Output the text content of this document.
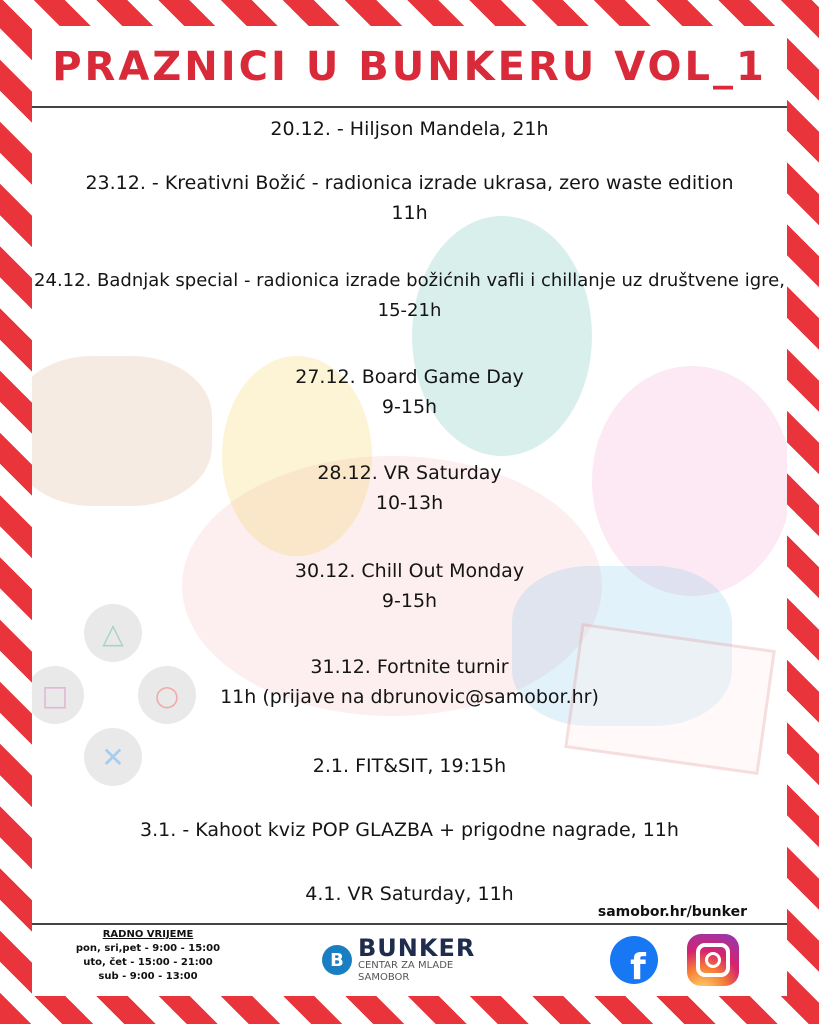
△
□	○
✕
PRAZNICI U BUNKERU VOL_1
20.12. - Hiljson Mandela, 21h
23.12. - Kreativni Božić - radionica izrade ukrasa, zero waste edition
11h
24.12. Badnjak special - radionica izrade božićnih vafli i chillanje uz društvene igre,
15-21h
27.12. Board Game Day
9-15h
28.12. VR Saturday
10-13h
30.12. Chill Out Monday
9-15h
31.12. Fortnite turnir
11h (prijave na dbrunovic@samobor.hr)
2.1. FIT&SIT, 19:15h
3.1. - Kahoot kviz POP GLAZBA + prigodne nagrade, 11h
4.1. VR Saturday, 11h
samobor.hr/bunker
RADNO VRIJEME
pon, sri,pet - 9:00 - 15:00
uto, čet - 15:00 - 21:00
sub - 9:00 - 13:00
B BUNKER
CENTAR ZA MLADE
SAMOBOR	f
